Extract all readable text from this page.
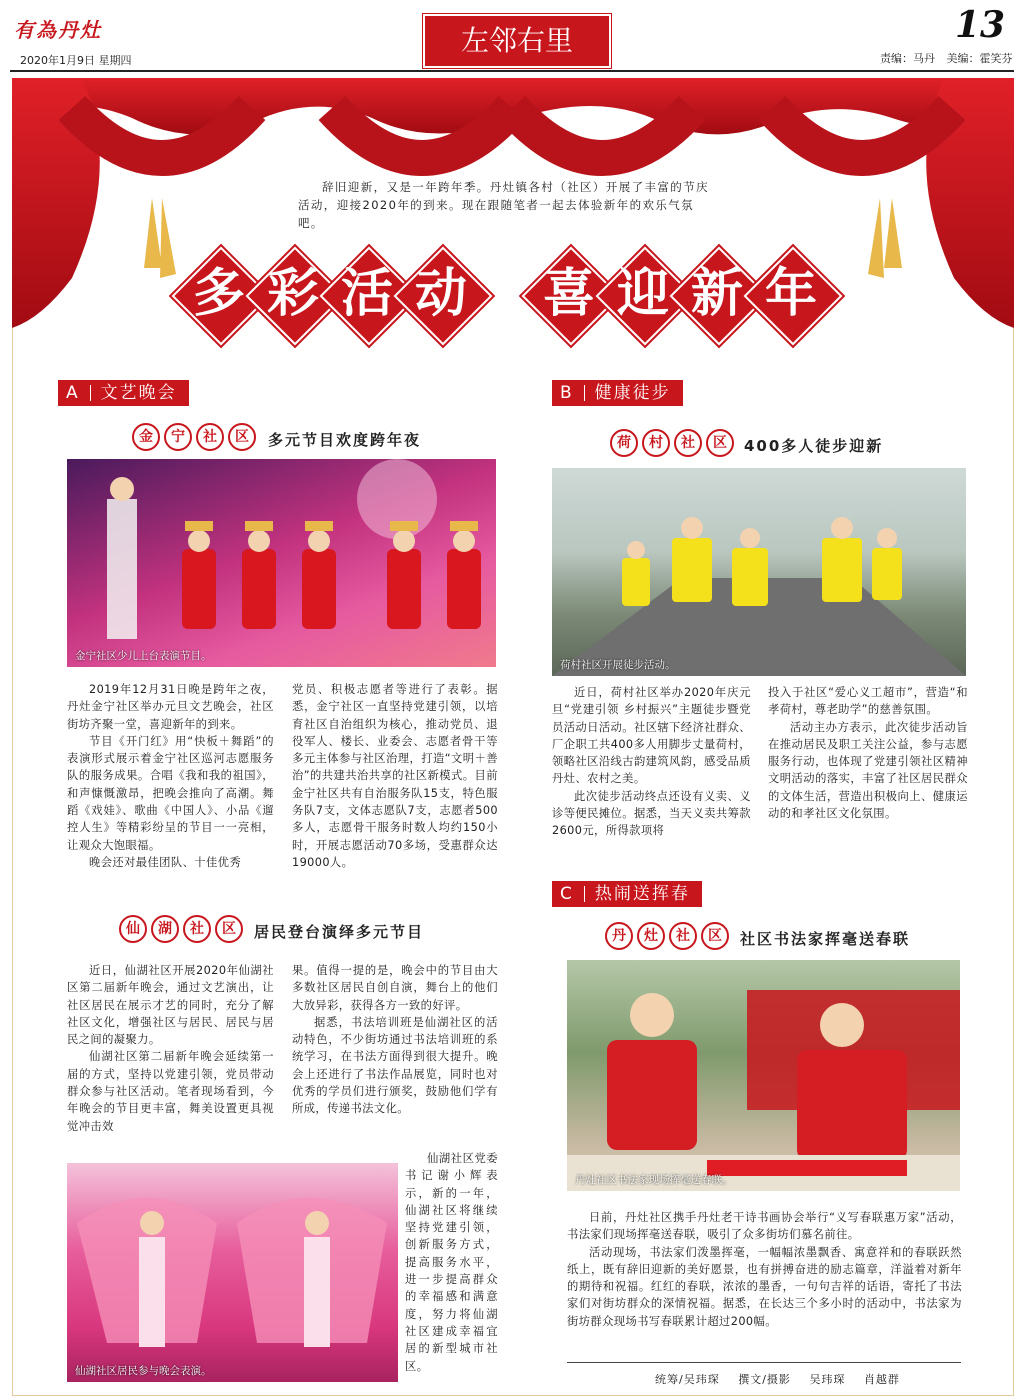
有為丹灶
2020年1月9日 星期四
左邻右里	13
责编：马丹 美编：霍笑芬
辞旧迎新，又是一年跨年季。丹灶镇各村（社区）开展了丰富的节庆活动，迎接2020年的到来。现在跟随笔者一起去体验新年的欢乐气氛吧。
多 彩 活 动	喜 迎 新 年
A 文艺晚会
金	宁	社	区	多元节目欢度跨年夜
金宁社区少儿上台表演节目。

2019年12月31日晚是跨年之夜，丹灶金宁社区举办元旦文艺晚会，社区街坊齐聚一堂，喜迎新年的到来。

节目《开门红》用“快板＋舞蹈”的表演形式展示着金宁社区巡河志愿服务队的服务成果。合唱《我和我的祖国》，和声慷慨激昂，把晚会推向了高潮。舞蹈《戏娃》、歌曲《中国人》、小品《遛控人生》等精彩纷呈的节目一一亮相，让观众大饱眼福。

晚会还对最佳团队、十佳优秀

党员、积极志愿者等进行了表彰。据悉，金宁社区一直坚持党建引领，以培育社区自治组织为核心，推动党员、退役军人、楼长、业委会、志愿者骨干等多元主体参与社区治理，打造“文明＋善治”的共建共治共享的社区新模式。目前金宁社区共有自治服务队15支，特色服务队7支，文体志愿队7支，志愿者500多人，志愿骨干服务时数人均约150小时，开展志愿活动70多场，受惠群众达19000人。

仙	湖	社	区	居民登台演绎多元节目

近日，仙湖社区开展2020年仙湖社区第二届新年晚会，通过文艺演出，让社区居民在展示才艺的同时，充分了解社区文化，增强社区与居民、居民与居民之间的凝聚力。

仙湖社区第二届新年晚会延续第一届的方式，坚持以党建引领，党员带动群众参与社区活动。笔者现场看到，今年晚会的节目更丰富，舞美设置更具视觉冲击效

果。值得一提的是，晚会中的节目由大多数社区居民自创自演，舞台上的他们大放异彩，获得各方一致的好评。

据悉，书法培训班是仙湖社区的活动特色，不少街坊通过书法培训班的系统学习，在书法方面得到很大提升。晚会上还进行了书法作品展览，同时也对优秀的学员们进行颁奖，鼓励他们学有所成，传递书法文化。

仙湖社区居民参与晚会表演。

仙湖社区党委书记谢小辉表示，新的一年，仙湖社区将继续坚持党建引领，创新服务方式，提高服务水平，进一步提高群众的幸福感和满意度，努力将仙湖社区建成幸福宜居的新型城市社区。

B 健康徒步
荷	村	社	区	400多人徒步迎新
荷村社区开展徒步活动。

近日，荷村社区举办2020年庆元旦“党建引领 乡村振兴”主题徒步暨党员活动日活动。社区辖下经济社群众、厂企职工共400多人用脚步丈量荷村，领略社区沿线古韵建筑风韵，感受品质丹灶、农村之美。

此次徒步活动终点还设有义卖、义诊等便民摊位。据悉，当天义卖共筹款2600元，所得款项将

投入于社区“爱心义工超市”，营造“和孝荷村，尊老助学”的慈善氛围。

活动主办方表示，此次徒步活动旨在推动居民及职工关注公益，参与志愿服务行动，也体现了党建引领社区精神文明活动的落实，丰富了社区居民群众的文体生活，营造出积极向上、健康运动的和孝社区文化氛围。

C 热闹送挥春
丹	灶	社	区	社区书法家挥毫送春联
丹灶社区书法家现场挥毫送春联。

日前，丹灶社区携手丹灶老干诗书画协会举行“义写春联惠万家”活动，书法家们现场挥毫送春联，吸引了众多街坊们慕名前往。

活动现场，书法家们泼墨挥毫，一幅幅浓墨飘香、寓意祥和的春联跃然纸上，既有辞旧迎新的美好愿景，也有拼搏奋进的励志篇章，洋溢着对新年的期待和祝福。红红的春联，浓浓的墨香，一句句吉祥的话语，寄托了书法家们对街坊群众的深情祝福。据悉，在长达三个多小时的活动中，书法家为街坊群众现场书写春联累计超过200幅。

统筹/吴玮琛 撰文/摄影 吴玮琛 肖越群
